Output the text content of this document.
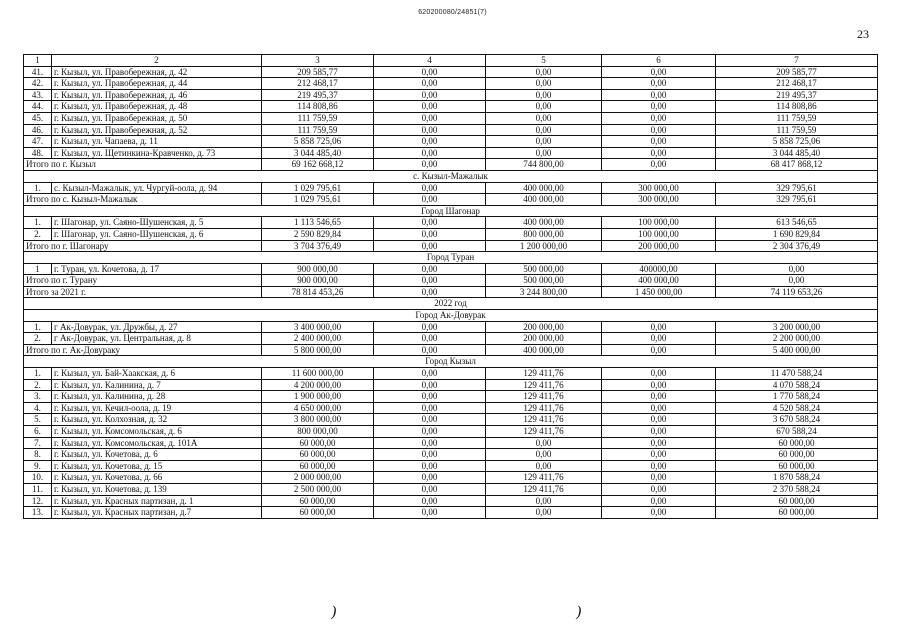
620200080/24851(7)
23
1	2	3	4	5	6	7
41.	г. Кызыл, ул. Правобережная, д. 42	209 585,77	0,00	0,00	0,00	209 585,77
42.	г. Кызыл, ул. Правобережная, д. 44	212 468,17	0,00	0,00	0,00	212 468,17
43.	г. Кызыл, ул. Правобережная, д. 46	219 495,37	0,00	0,00	0,00	219 495,37
44.	г. Кызыл, ул. Правобережная, д. 48	114 808,86	0,00	0,00	0,00	114 808,86
45.	г. Кызыл, ул. Правобережная, д. 50	111 759,59	0,00	0,00	0,00	111 759,59
46.	г. Кызыл, ул. Правобережная, д. 52	111 759,59	0,00	0,00	0,00	111 759,59
47.	г. Кызыл, ул. Чапаева, д. 11	5 858 725,06	0,00	0,00	0,00	5 858 725,06
48.	г. Кызыл, ул. Щетинкина-Кравченко, д. 73	3 044 485,40	0,00	0,00	0,00	3 044 485,40
Итого по г. Кызыл		69 162 668,12	0,00	744 800,00	0,00	68 417 868,12
с. Кызыл-Мажалык						
1.	с. Кызыл-Мажалык, ул. Чургуй-оола, д. 94	1 029 795,61	0,00	400 000,00	300 000,00	329 795,61
Итого по с. Кызыл-Мажалык		1 029 795,61	0,00	400 000,00	300 000,00	329 795,61
Город Шагонар						
1.	г. Шагонар, ул. Саяно-Шушенская, д. 5	1 113 546,65	0,00	400 000,00	100 000,00	613 546,65
2.	г. Шагонар, ул. Саяно-Шушенская, д. 6	2 590 829,84	0,00	800 000,00	100 000,00	1 690 829,84
Итого по г. Шагонару		3 704 376,49	0,00	1 200 000,00	200 000,00	2 304 376,49
Город Туран						
1	г. Туран, ул. Кочетова, д. 17	900 000,00	0,00	500 000,00	400000,00	0,00
Итого по г. Турану		900 000,00	0,00	500 000,00	400 000,00	0,00
Итого за 2021 г.		78 814 453,26	0,00	3 244 800,00	1 450 000,00	74 119 653,26
2022 год						
Город Ак-Довурак						
1.	г Ак-Довурак, ул. Дружбы, д. 27	3 400 000,00	0,00	200 000,00	0,00	3 200 000,00
2.	г Ак-Довурак, ул. Центральная, д. 8	2 400 000,00	0,00	200 000,00	0,00	2 200 000,00
Итого по г. Ак-Довураку		5 800 000,00	0,00	400 000,00	0,00	5 400 000,00
Город Кызыл						
1.	г. Кызыл, ул. Бай-Хаакская, д. 6	11 600 000,00	0,00	129 411,76	0,00	11 470 588,24
2.	г. Кызыл, ул. Калинина, д. 7	4 200 000,00	0,00	129 411,76	0,00	4 070 588,24
3.	г. Кызыл, ул. Калинина, д. 28	1 900 000,00	0,00	129 411,76	0,00	1 770 588,24
4.	г. Кызыл, ул. Кечил-оола, д. 19	4 650 000,00	0,00	129 411,76	0,00	4 520 588,24
5.	г. Кызыл, ул. Колхозная, д. 32	3 800 000,00	0,00	129 411,76	0,00	3 670 588,24
6.	г. Кызыл, ул. Комсомольская, д. 6	800 000,00	0,00	129 411,76	0,00	670 588,24
7.	г. Кызыл, ул. Комсомольская, д. 101А	60 000,00	0,00	0,00	0,00	60 000,00
8.	г. Кызыл, ул. Кочетова, д. 6	60 000,00	0,00	0,00	0,00	60 000,00
9.	г. Кызыл, ул. Кочетова, д. 15	60 000,00	0,00	0,00	0,00	60 000,00
10.	г. Кызыл, ул. Кочетова, д. 66	2 000 000,00	0,00	129 411,76	0,00	1 870 588,24
11.	г. Кызыл, ул. Кочетова, д. 139	2 500 000,00	0,00	129 411,76	0,00	2 370 588,24
12.	г. Кызыл, ул. Красных партизан, д. 1	60 000,00	0,00	0,00	0,00	60 000,00
13.	г. Кызыл, ул. Красных партизан, д.7	60 000,00	0,00	0,00	0,00	60 000,00
)	)
